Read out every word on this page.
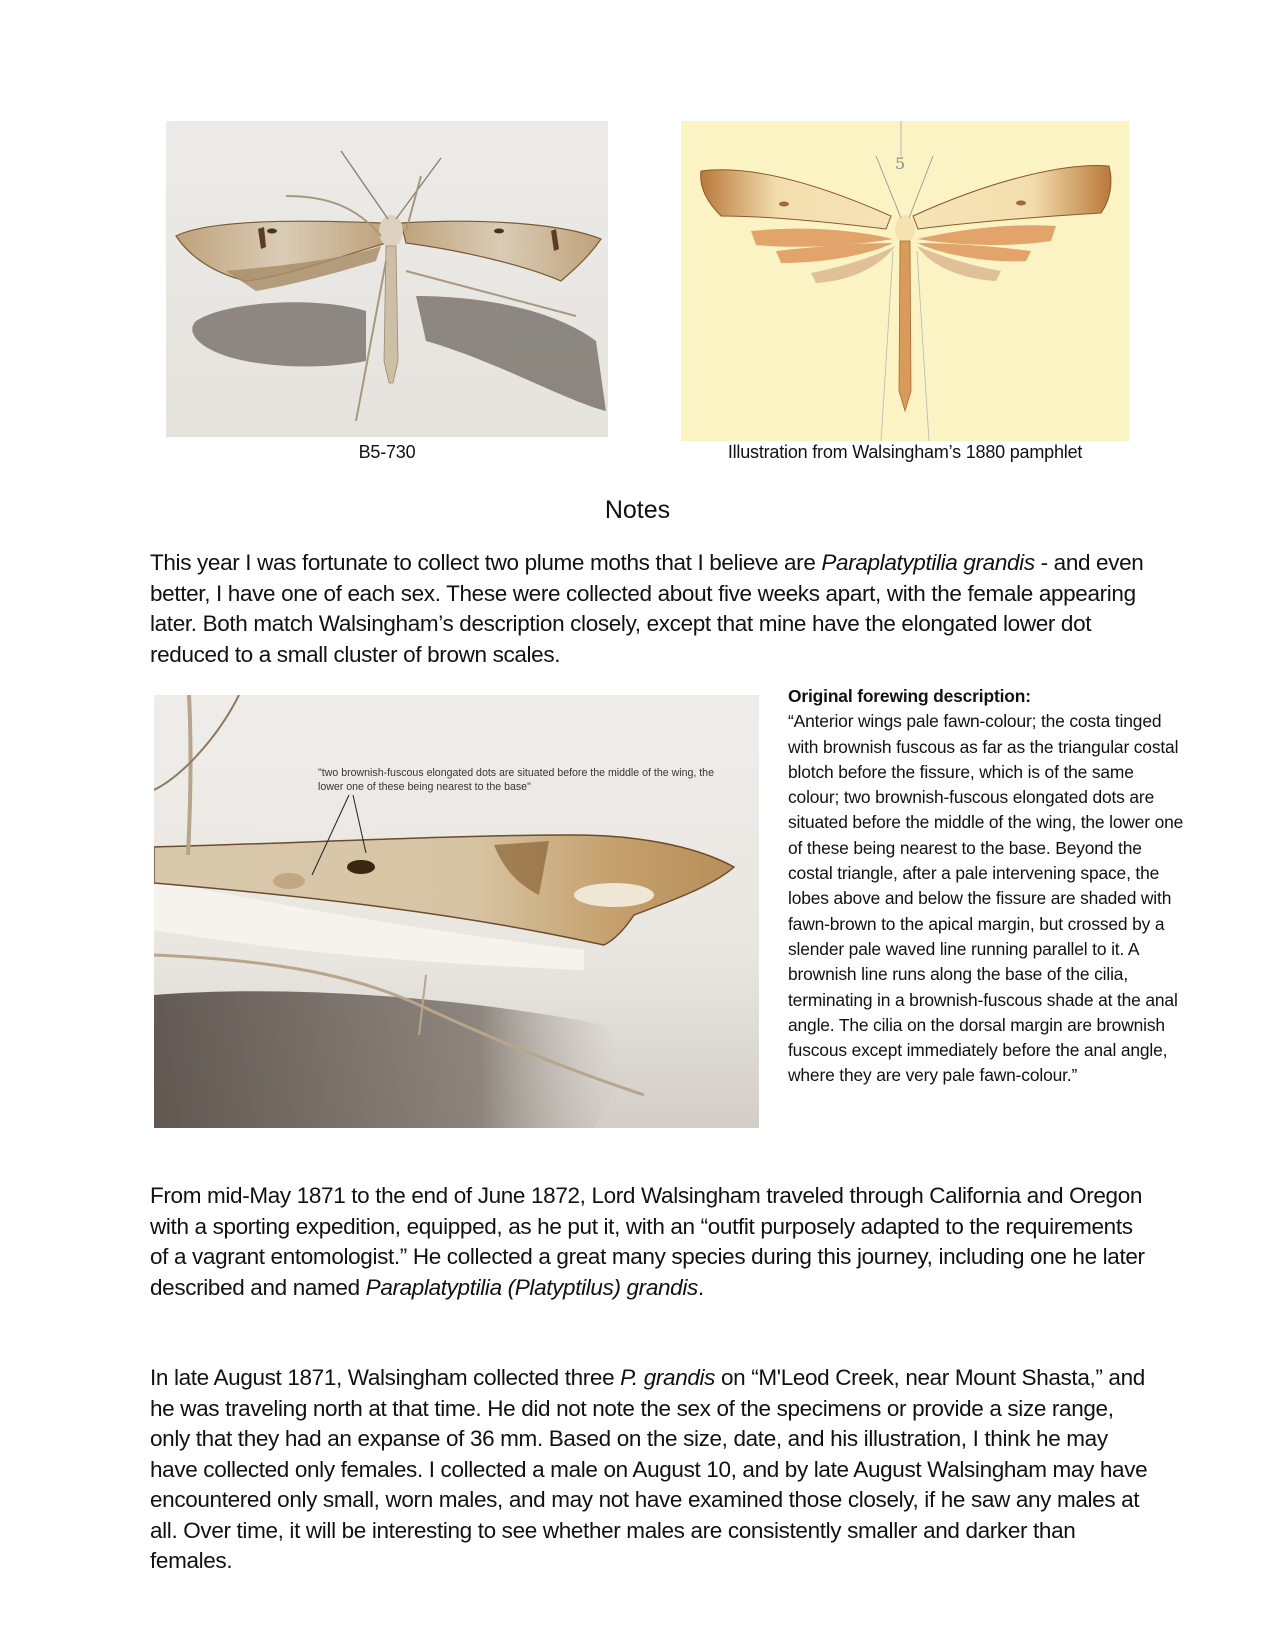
B5-730
5
Illustration from Walsingham’s 1880 pamphlet
Notes
This year I was fortunate to collect two plume moths that I believe are Paraplatyptilia grandis - and even better, I have one of each sex. These were collected about five weeks apart, with the female appearing later. Both match Walsingham’s description closely, except that mine have the elongated lower dot reduced to a small cluster of brown scales.
"two brownish-fuscous elongated dots are situated before the middle of the wing, the lower one of these being nearest to the base"
Original forewing description:
“Anterior wings pale fawn-colour; the costa tinged with brownish fuscous as far as the triangular costal blotch before the fissure, which is of the same colour; two brownish-fuscous elongated dots are situated before the middle of the wing, the lower one of these being nearest to the base. Beyond the costal triangle, after a pale intervening space, the lobes above and below the fissure are shaded with fawn-brown to the apical margin, but crossed by a slender pale waved line running parallel to it. A brownish line runs along the base of the cilia, terminating in a brownish-fuscous shade at the anal angle. The cilia on the dorsal margin are brownish fuscous except immediately before the anal angle, where they are very pale fawn-colour.”
From mid-May 1871 to the end of June 1872, Lord Walsingham traveled through California and Oregon with a sporting expedition, equipped, as he put it, with an “outfit purposely adapted to the requirements of a vagrant entomologist.” He collected a great many species during this journey, including one he later described and named Paraplatyptilia (Platyptilus) grandis.
In late August 1871, Walsingham collected three P. grandis on “M'Leod Creek, near Mount Shasta,” and he was traveling north at that time. He did not note the sex of the specimens or provide a size range, only that they had an expanse of 36 mm. Based on the size, date, and his illustration, I think he may have collected only females. I collected a male on August 10, and by late August Walsingham may have encountered only small, worn males, and may not have examined those closely, if he saw any males at all. Over time, it will be interesting to see whether males are consistently smaller and darker than females.
